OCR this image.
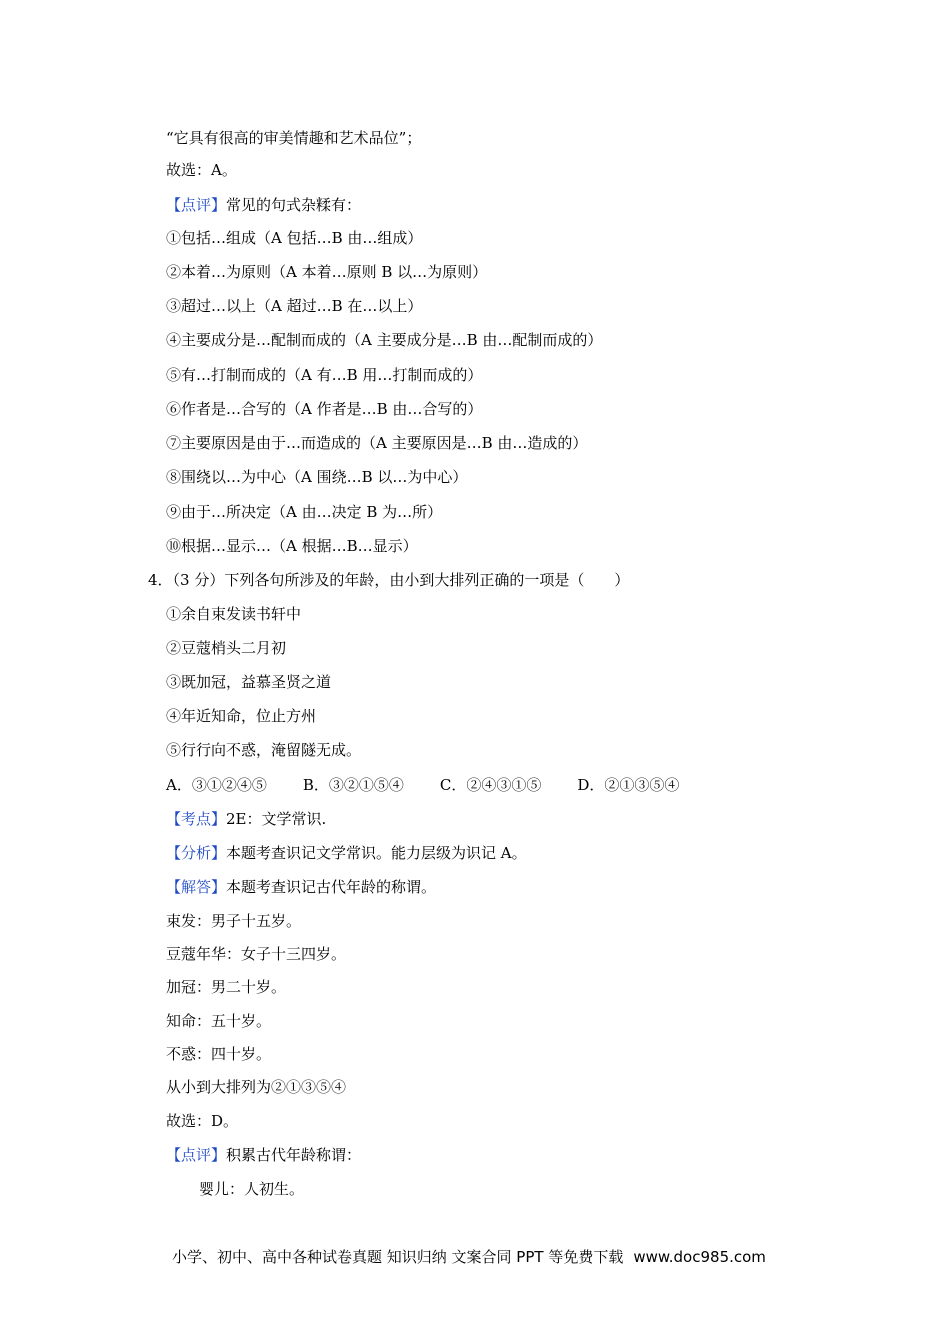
“它具有很高的审美情趣和艺术品位”；
故选：A。
【点评】常见的句式杂糅有：
①包括…组成（A 包括…B 由…组成）
②本着…为原则（A 本着…原则 B 以…为原则）
③超过…以上（A 超过…B 在…以上）
④主要成分是…配制而成的（A 主要成分是…B 由…配制而成的）
⑤有…打制而成的（A 有…B 用…打制而成的）
⑥作者是…合写的（A 作者是…B 由…合写的）
⑦主要原因是由于…而造成的（A 主要原因是…B 由…造成的）
⑧围绕以…为中心（A 围绕…B 以…为中心）
⑨由于…所决定（A 由…决定 B 为…所）
⑩根据…显示…（A 根据…B…显示）
4．（3 分）下列各句所涉及的年龄，由小到大排列正确的一项是（　　）
①余自束发读书轩中
②豆蔻梢头二月初
③既加冠，益慕圣贤之道
④年近知命，位止方州
⑤行行向不惑，淹留隧无成。
A．③①②④⑤ B．③②①⑤④ C．②④③①⑤ D．②①③⑤④
【考点】2E：文学常识.
【分析】本题考查识记文学常识。能力层级为识记 A。
【解答】本题考查识记古代年龄的称谓。
束发：男子十五岁。
豆蔻年华：女子十三四岁。
加冠：男二十岁。
知命：五十岁。
不惑：四十岁。
从小到大排列为②①③⑤④
故选：D。
【点评】积累古代年龄称谓：
婴儿：人初生。
小学、初中、高中各种试卷真题 知识归纳 文案合同 PPT 等免费下载 www.doc985.com
